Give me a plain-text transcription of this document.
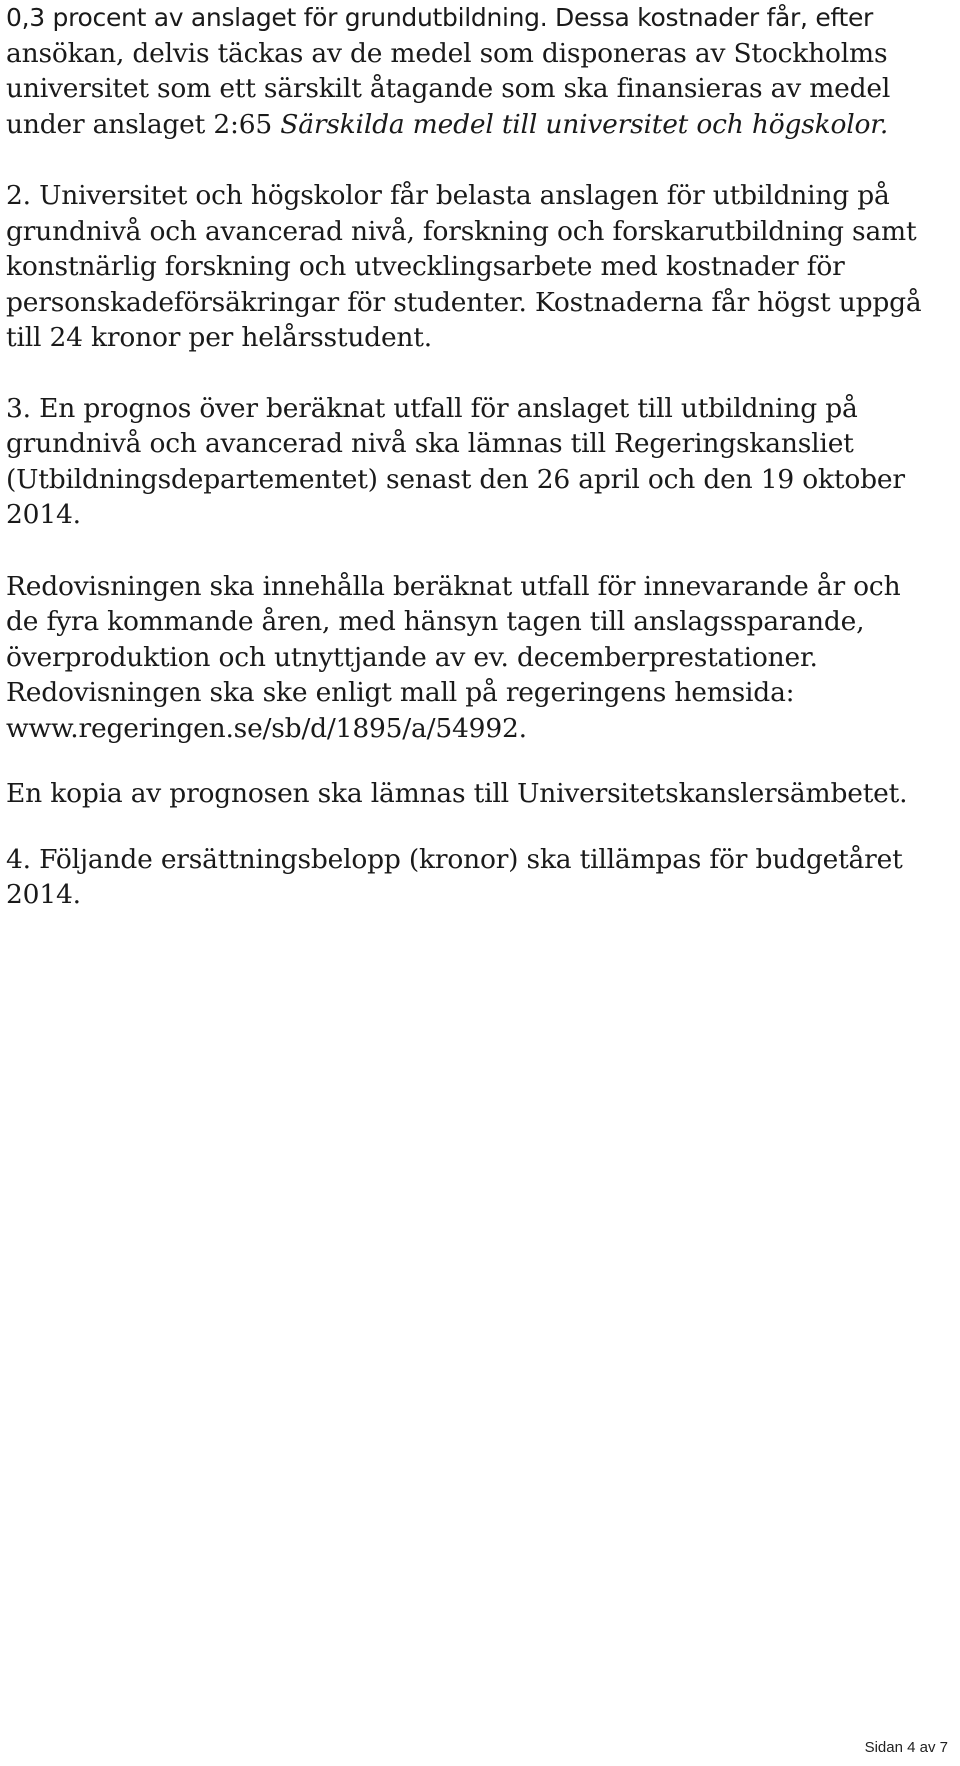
0,3 procent av anslaget för grundutbildning. Dessa kostnader får, efter
ansökan, delvis täckas av de medel som disponeras av Stockholms universitet som ett särskilt åtagande som ska finansieras av medel under anslaget 2:65 Särskilda medel till universitet och högskolor.

2. Universitet och högskolor får belasta anslagen för utbildning på grundnivå och avancerad nivå, forskning och forskarutbildning samt konstnärlig forskning och utvecklingsarbete med kostnader för personskadeförsäkringar för studenter. Kostnaderna får högst uppgå till 24 kronor per helårsstudent.

3. En prognos över beräknat utfall för anslaget till utbildning på grundnivå och avancerad nivå ska lämnas till Regeringskansliet (Utbildningsdepartementet) senast den 26 april och den 19 oktober 2014.

Redovisningen ska innehålla beräknat utfall för innevarande år och de fyra kommande åren, med hänsyn tagen till anslagssparande, överproduktion och utnyttjande av ev. decemberprestationer. Redovisningen ska ske enligt mall på regeringens hemsida: www.regeringen.se/sb/d/1895/a/54992.

En kopia av prognosen ska lämnas till Universitetskanslersämbetet.

4. Följande ersättningsbelopp (kronor) ska tillämpas för budgetåret 2014.

Sidan 4 av 7
